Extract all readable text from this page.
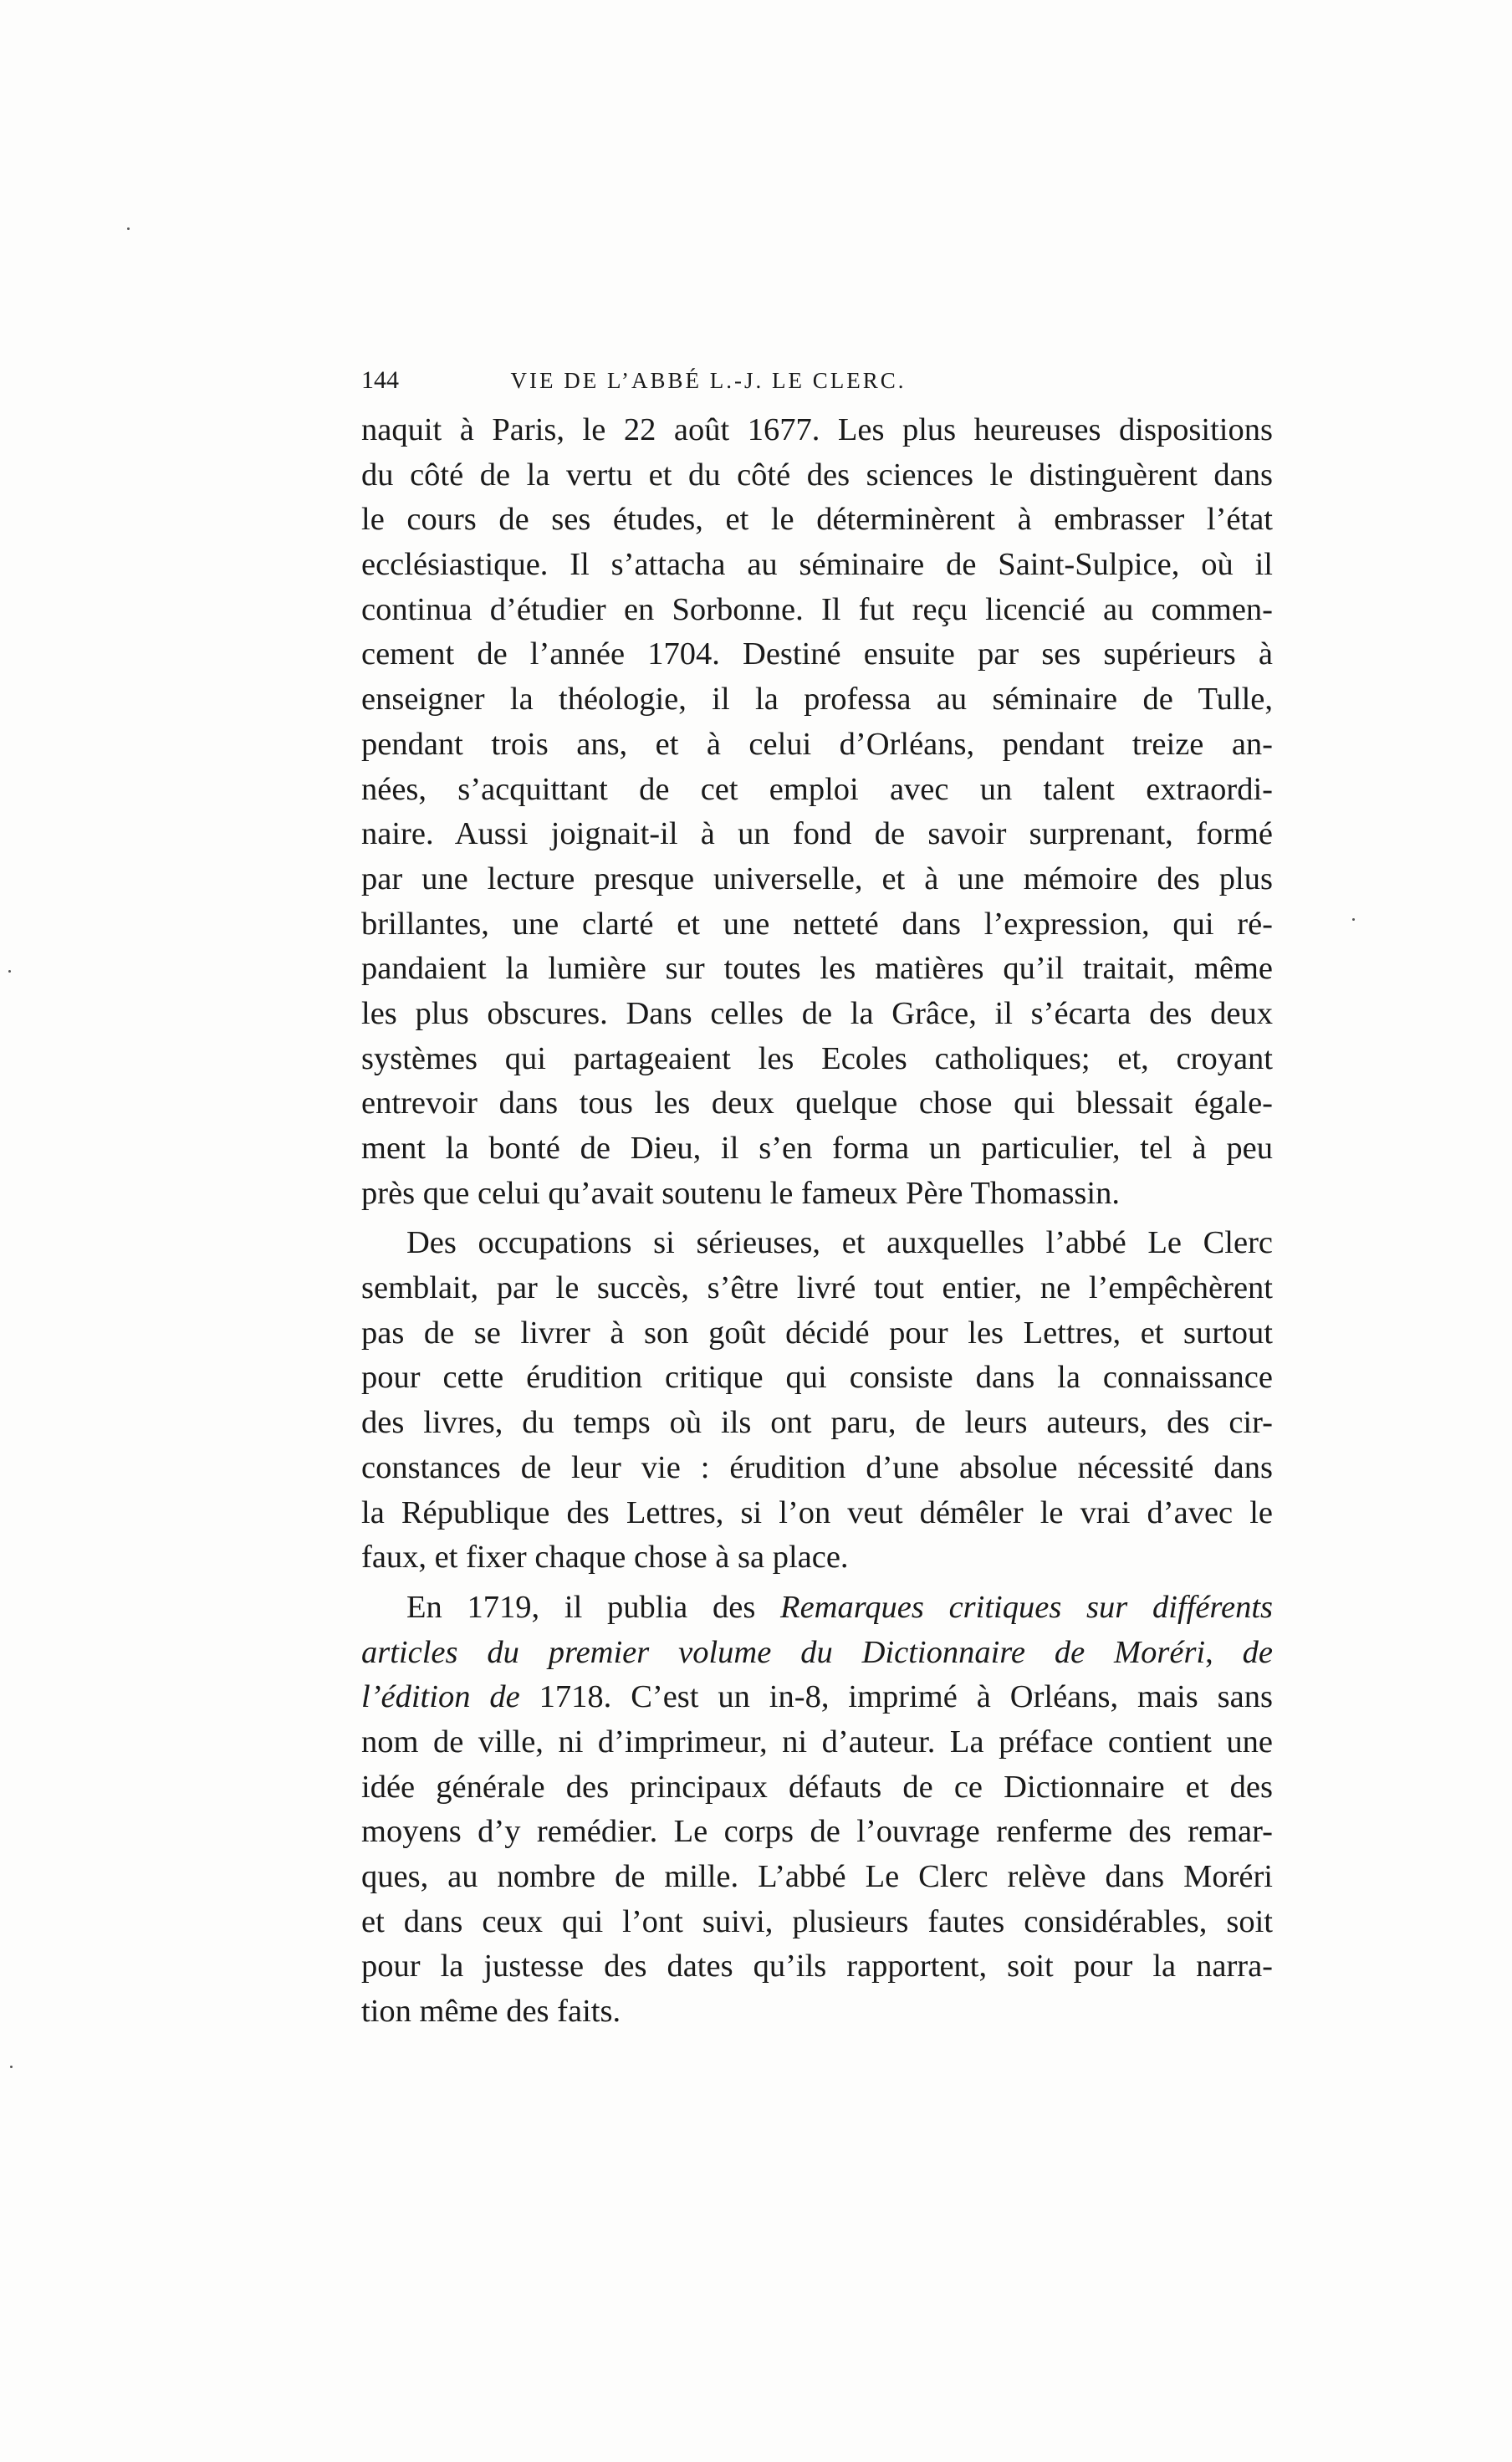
144	VIE DE L’ABBÉ L.-J. LE CLERC.
naquit à Paris, le 22 août 1677. Les plus heureuses dispositions
du côté de la vertu et du côté des sciences le distinguèrent dans
le cours de ses études, et le déterminèrent à embrasser l’état
ecclésiastique. Il s’attacha au séminaire de Saint-Sulpice, où il
continua d’étudier en Sorbonne. Il fut reçu licencié au commen-
cement de l’année 1704. Destiné ensuite par ses supérieurs à
enseigner la théologie, il la professa au séminaire de Tulle,
pendant trois ans, et à celui d’Orléans, pendant treize an-
nées, s’acquittant de cet emploi avec un talent extraordi-
naire. Aussi joignait-il à un fond de savoir surprenant, formé
par une lecture presque universelle, et à une mémoire des plus
brillantes, une clarté et une netteté dans l’expression, qui ré-
pandaient la lumière sur toutes les matières qu’il traitait, même
les plus obscures. Dans celles de la Grâce, il s’écarta des deux
systèmes qui partageaient les Ecoles catholiques; et, croyant
entrevoir dans tous les deux quelque chose qui blessait égale-
ment la bonté de Dieu, il s’en forma un particulier, tel à peu
près que celui qu’avait soutenu le fameux Père Thomassin.
Des occupations si sérieuses, et auxquelles l’abbé Le Clerc
semblait, par le succès, s’être livré tout entier, ne l’empêchèrent
pas de se livrer à son goût décidé pour les Lettres, et surtout
pour cette érudition critique qui consiste dans la connaissance
des livres, du temps où ils ont paru, de leurs auteurs, des cir-
constances de leur vie : érudition d’une absolue nécessité dans
la République des Lettres, si l’on veut démêler le vrai d’avec le
faux, et fixer chaque chose à sa place.
En 1719, il publia des Remarques critiques sur différents
articles du premier volume du Dictionnaire de Moréri, de
l’édition de 1718. C’est un in-8, imprimé à Orléans, mais sans
nom de ville, ni d’imprimeur, ni d’auteur. La préface contient une
idée générale des principaux défauts de ce Dictionnaire et des
moyens d’y remédier. Le corps de l’ouvrage renferme des remar-
ques, au nombre de mille. L’abbé Le Clerc relève dans Moréri
et dans ceux qui l’ont suivi, plusieurs fautes considérables, soit
pour la justesse des dates qu’ils rapportent, soit pour la narra-
tion même des faits.
